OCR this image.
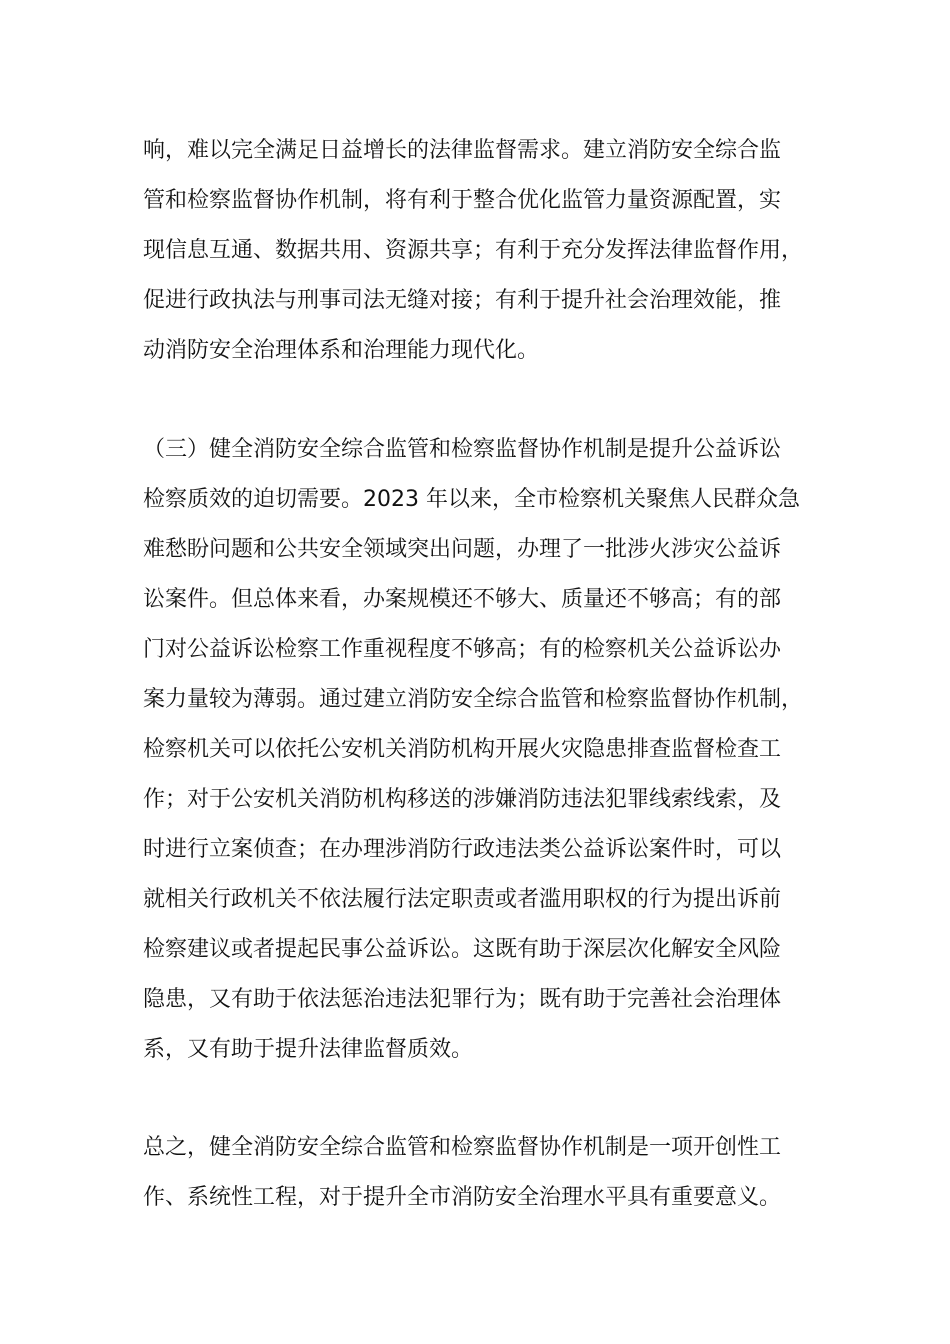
响，难以完全满足日益增长的法律监督需求。建立消防安全综合监
管和检察监督协作机制，将有利于整合优化监管力量资源配置，实
现信息互通、数据共用、资源共享；有利于充分发挥法律监督作用，
促进行政执法与刑事司法无缝对接；有利于提升社会治理效能，推
动消防安全治理体系和治理能力现代化。
（三）健全消防安全综合监管和检察监督协作机制是提升公益诉讼
检察质效的迫切需要。2023 年以来，全市检察机关聚焦人民群众急
难愁盼问题和公共安全领域突出问题，办理了一批涉火涉灾公益诉
讼案件。但总体来看，办案规模还不够大、质量还不够高；有的部
门对公益诉讼检察工作重视程度不够高；有的检察机关公益诉讼办
案力量较为薄弱。通过建立消防安全综合监管和检察监督协作机制，
检察机关可以依托公安机关消防机构开展火灾隐患排查监督检查工
作；对于公安机关消防机构移送的涉嫌消防违法犯罪线索线索，及
时进行立案侦查；在办理涉消防行政违法类公益诉讼案件时，可以
就相关行政机关不依法履行法定职责或者滥用职权的行为提出诉前
检察建议或者提起民事公益诉讼。这既有助于深层次化解安全风险
隐患，又有助于依法惩治违法犯罪行为；既有助于完善社会治理体
系，又有助于提升法律监督质效。
总之，健全消防安全综合监管和检察监督协作机制是一项开创性工
作、系统性工程，对于提升全市消防安全治理水平具有重要意义。
